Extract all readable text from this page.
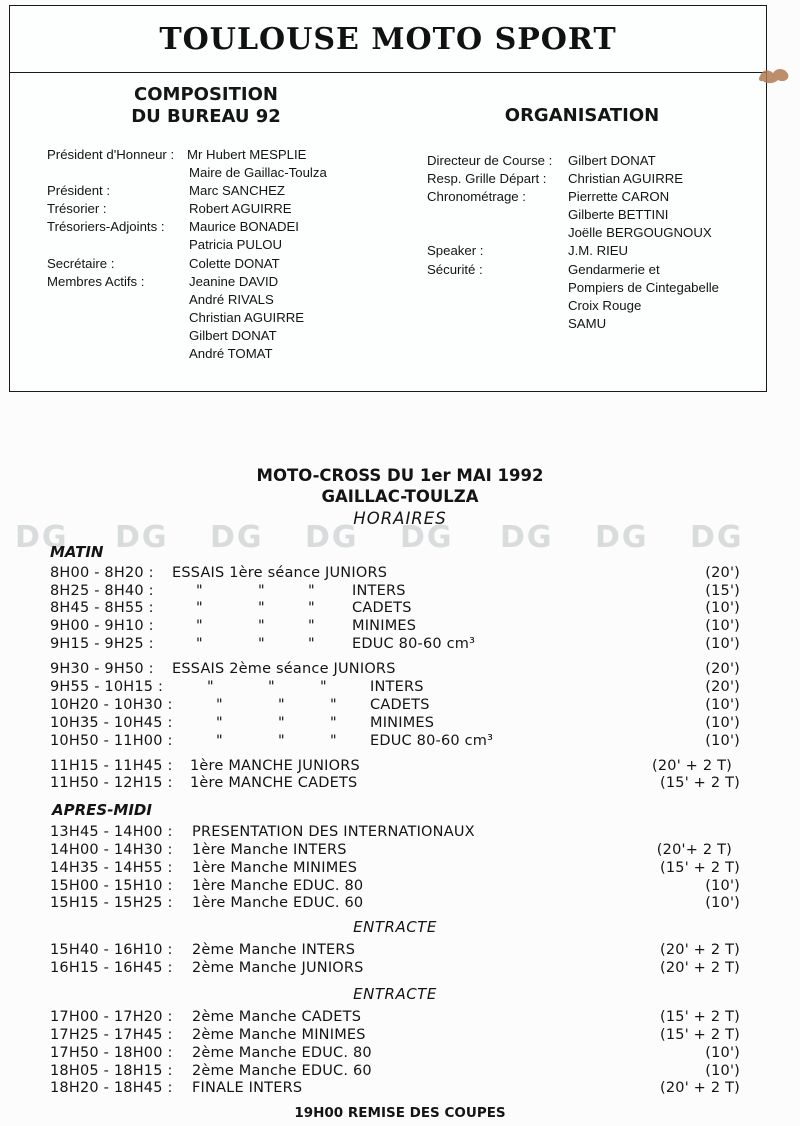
DG DG DG DG DG DG DG DG
TOULOUSE MOTO SPORT
COMPOSITION
DU BUREAU 92	ORGANISATION
Président d'Honneur : Mr Hubert MESPLIE
Maire de Gaillac-Toulza
Président :	Marc SANCHEZ
Trésorier :	Robert AGUIRRE
Trésoriers-Adjoints : Maurice BONADEI
Patricia PULOU
Secrétaire :	Colette DONAT
Membres Actifs :	Jeanine DAVID
André RIVALS
Christian AGUIRRE
Gilbert DONAT
André TOMAT
Directeur de Course : Gilbert DONAT
Resp. Grille Départ : Christian AGUIRRE
Chronométrage :	Pierrette CARON
Gilberte BETTINI
Joëlle BERGOUGNOUX
Speaker :	J.M. RIEU
Sécurité :	Gendarmerie et
Pompiers de Cintegabelle
Croix Rouge
SAMU
MOTO-CROSS DU 1er MAI 1992
GAILLAC-TOULZA
HORAIRES
MATIN
8H00 - 8H20 : ESSAIS 1ère séance JUNIORS	(20')
8H25 - 8H40 :	"	"	"	INTERS	(15')
8H45 - 8H55 :	"	"	"	CADETS	(10')
9H00 - 9H10 :	"	"	"	MINIMES	(10')
9H15 - 9H25 :	"	"	"	EDUC 80-60 cm³	(10')
9H30 - 9H50 : ESSAIS 2ème séance JUNIORS	(20')
9H55 - 10H15 :	"	"	"	INTERS	(20')
10H20 - 10H30 :	"	"	" CADETS	(10')
10H35 - 10H45 :	"	"	" MINIMES	(10')
10H50 - 11H00 :	"	"	" EDUC 80-60 cm³	(10')
11H15 - 11H45 : 1ère MANCHE JUNIORS	(20' + 2 T)
11H50 - 12H15 : 1ère MANCHE CADETS	(15' + 2 T)
APRES-MIDI
13H45 - 14H00 : PRESENTATION DES INTERNATIONAUX
14H00 - 14H30 : 1ère Manche INTERS	(20'+ 2 T)
14H35 - 14H55 : 1ère Manche MINIMES	(15' + 2 T)
15H00 - 15H10 : 1ère Manche EDUC. 80	(10')
15H15 - 15H25 : 1ère Manche EDUC. 60	(10')
ENTRACTE
15H40 - 16H10 : 2ème Manche INTERS	(20' + 2 T)
16H15 - 16H45 : 2ème Manche JUNIORS	(20' + 2 T)
ENTRACTE
17H00 - 17H20 : 2ème Manche CADETS	(15' + 2 T)
17H25 - 17H45 : 2ème Manche MINIMES	(15' + 2 T)
17H50 - 18H00 : 2ème Manche EDUC. 80	(10')
18H05 - 18H15 : 2ème Manche EDUC. 60	(10')
18H20 - 18H45 : FINALE INTERS	(20' + 2 T)
19H00 REMISE DES COUPES
